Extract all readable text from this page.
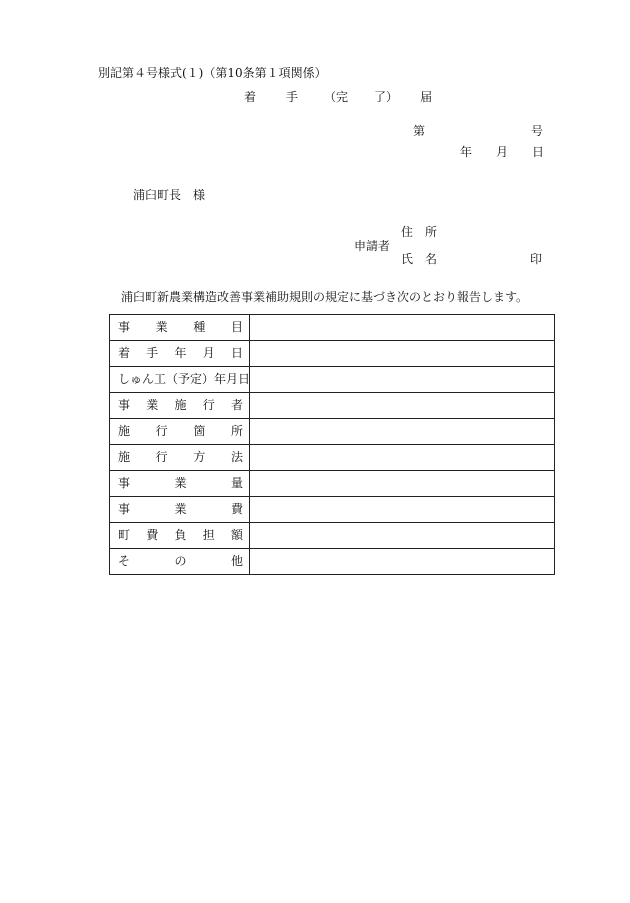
別記第４号様式(１)（第10条第１項関係）
着	手 （完 了） 届
第	号
年 月 日
浦臼町長　様
申請者
住　所
氏　名	印
浦臼町新農業構造改善事業補助規則の規定に基づき次のとおり報告します。
事業種目	

着手年月日	

しゅん工（予定）年月日	

事業施行者	

施行箇所	

施行方法	

事業量	

事業費	

町費負担額	

その他	
